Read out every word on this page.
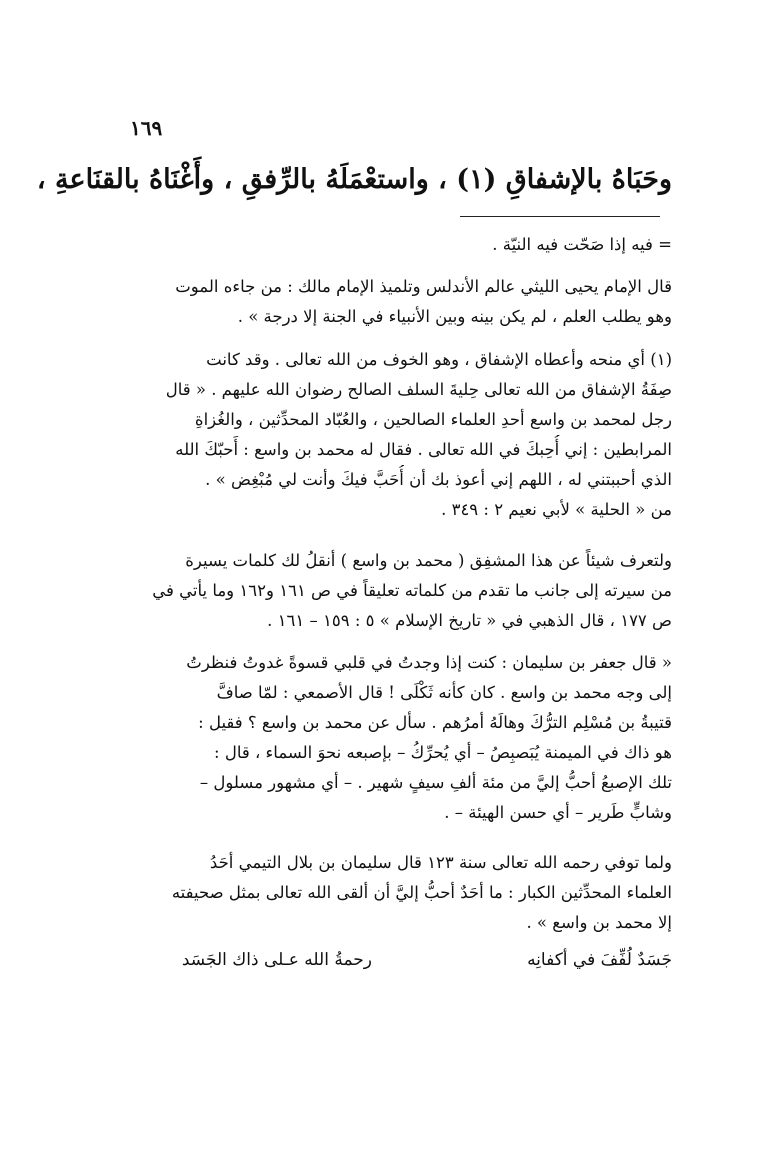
١٦٩
وحَبَاهُ بالإشفاقِ (١) ، واستعْمَلَهُ بالرِّفقِ ، وأَغْنَاهُ بالقنَاعةِ ،
= فيه إذا صَحّت فيه النيّة .
قال الإمام يحيى الليثي عالم الأندلس وتلميذ الإمام مالك : من جاءه الموت
وهو يطلب العلم ، لم يكن بينه وبين الأنبياء في الجنة إلا درجة » .
(١) أي منحه وأعطاه الإشفاق ، وهو الخوف من الله تعالى . وقد كانت
صِفَةُ الإشفاق من الله تعالى حِليةَ السلف الصالح رضوان الله عليهم . « قال
رجل لمحمد بن واسع أحدِ العلماء الصالحين ، والعُبّاد المحدِّثين ، والغُزاةِ
المرابطين : إني أُحِبكَ في الله تعالى . فقال له محمد بن واسع : أَحبّكَ الله
الذي أحببتني له ، اللهم إني أعوذ بك أن أُحَبَّ فيكَ وأنت لي مُبْغِض » .
من « الحلية » لأبي نعيم ٢ : ٣٤٩ .
ولتعرف شيئاً عن هذا المشفِق ( محمد بن واسع ) أنقلُ لك كلمات يسيرة
من سيرته إلى جانب ما تقدم من كلماته تعليقاً في ص ١٦١ و١٦٢ وما يأتي في
ص ١٧٧ ، قال الذهبي في « تاريخ الإسلام » ٥ : ١٥٩ – ١٦١ .
« قال جعفر بن سليمان : كنت إذا وجدتُ في قلبي قسوةً غدوتُ فنظرتُ
إلى وجه محمد بن واسع . كان كأنه ثَكْلَى ! قال الأصمعي : لمّا صافَّ
قتيبةُ بن مُسْلِم الترُّكَ وهالَهُ أمرُهم . سأل عن محمد بن واسع ؟ فقيل :
هو ذاك في الميمنة يُبَصبِصُ – أي يُحرِّكُ – بإصبعه نحوَ السماء ، قال :
تلك الإصبعُ أحبُّ إليَّ من مئة ألفِ سيفٍ شهير . – أي مشهور مسلول –
وشابٍّ طَرير – أي حسن الهيئة – .
ولما توفي رحمه الله تعالى سنة ١٢٣ قال سليمان بن بلال التيمي أحَدُ
العلماء المحدِّثين الكبار : ما أحَدٌ أحبُّ إليَّ أن ألقى الله تعالى بمثل صحيفته
إلا محمد بن واسع » .
جَسَدٌ لُفِّفَ في أكفانِه
رحمةُ الله عـلى ذاك الجَسَد
